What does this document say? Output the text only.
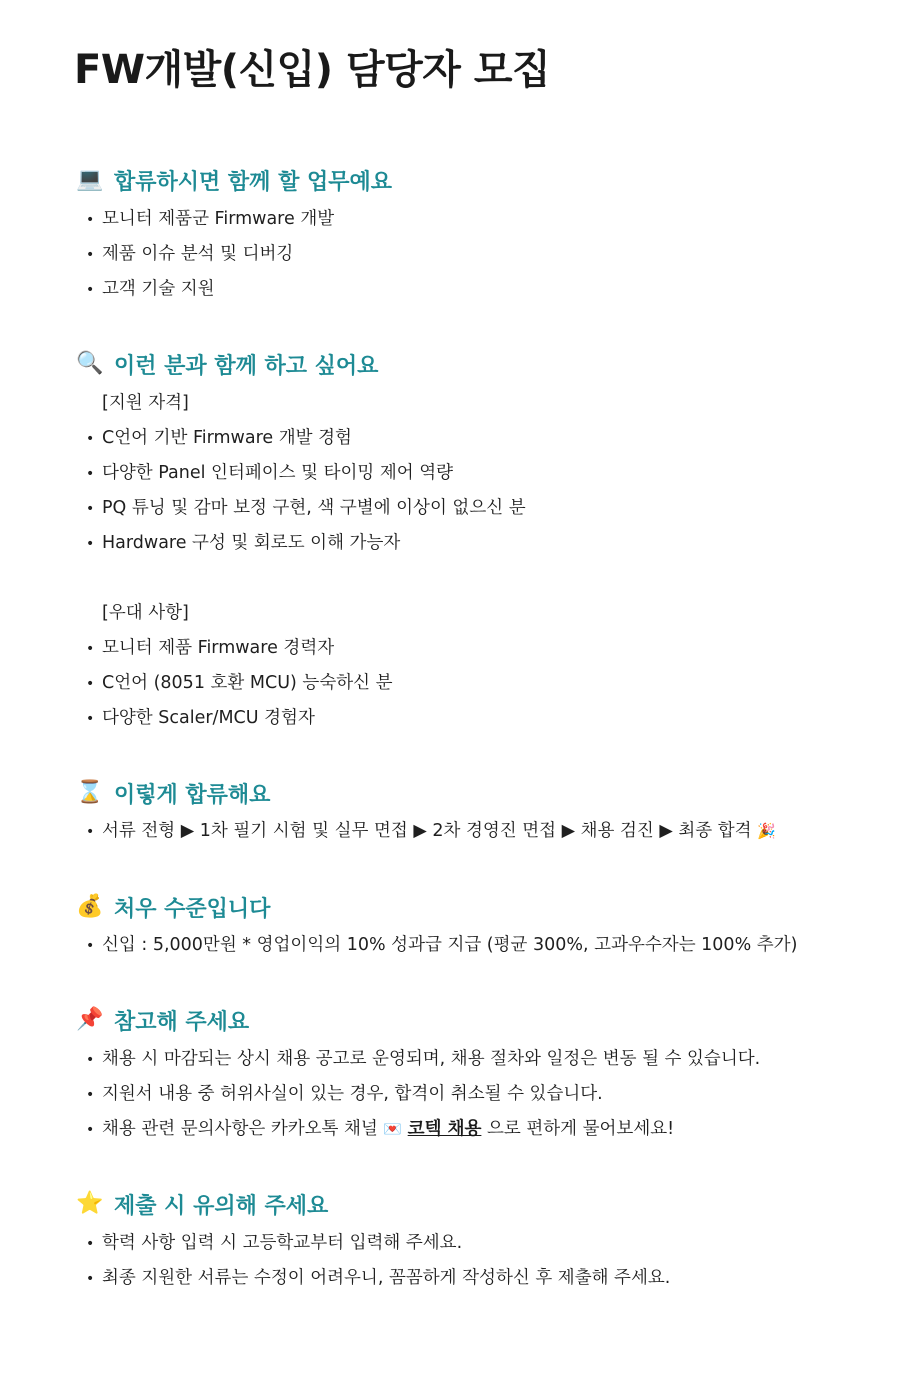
FW개발(신입) 담당자 모집
💻 합류하시면 함께 할 업무예요
• 모니터 제품군 Firmware 개발
• 제품 이슈 분석 및 디버깅
• 고객 기술 지원
🔍 이런 분과 함께 하고 싶어요
[지원 자격]
• C언어 기반 Firmware 개발 경험
• 다양한 Panel 인터페이스 및 타이밍 제어 역량
• PQ 튜닝 및 감마 보정 구현, 색 구별에 이상이 없으신 분
• Hardware 구성 및 회로도 이해 가능자
[우대 사항]
• 모니터 제품 Firmware 경력자
• C언어 (8051 호환 MCU) 능숙하신 분
• 다양한 Scaler/MCU 경험자
⌛ 이렇게 합류해요
• 서류 전형 ▶ 1차 필기 시험 및 실무 면접 ▶ 2차 경영진 면접 ▶ 채용 검진 ▶ 최종 합격 🎉
💰 처우 수준입니다
• 신입 : 5,000만원 * 영업이익의 10% 성과급 지급 (평균 300%, 고과우수자는 100% 추가)
📌 참고해 주세요
• 채용 시 마감되는 상시 채용 공고로 운영되며, 채용 절차와 일정은 변동 될 수 있습니다.
• 지원서 내용 중 허위사실이 있는 경우, 합격이 취소될 수 있습니다.
• 채용 관련 문의사항은 카카오톡 채널 💌 코텍 채용 으로 편하게 물어보세요!
⭐ 제출 시 유의해 주세요
• 학력 사항 입력 시 고등학교부터 입력해 주세요.
• 최종 지원한 서류는 수정이 어려우니, 꼼꼼하게 작성하신 후 제출해 주세요.
